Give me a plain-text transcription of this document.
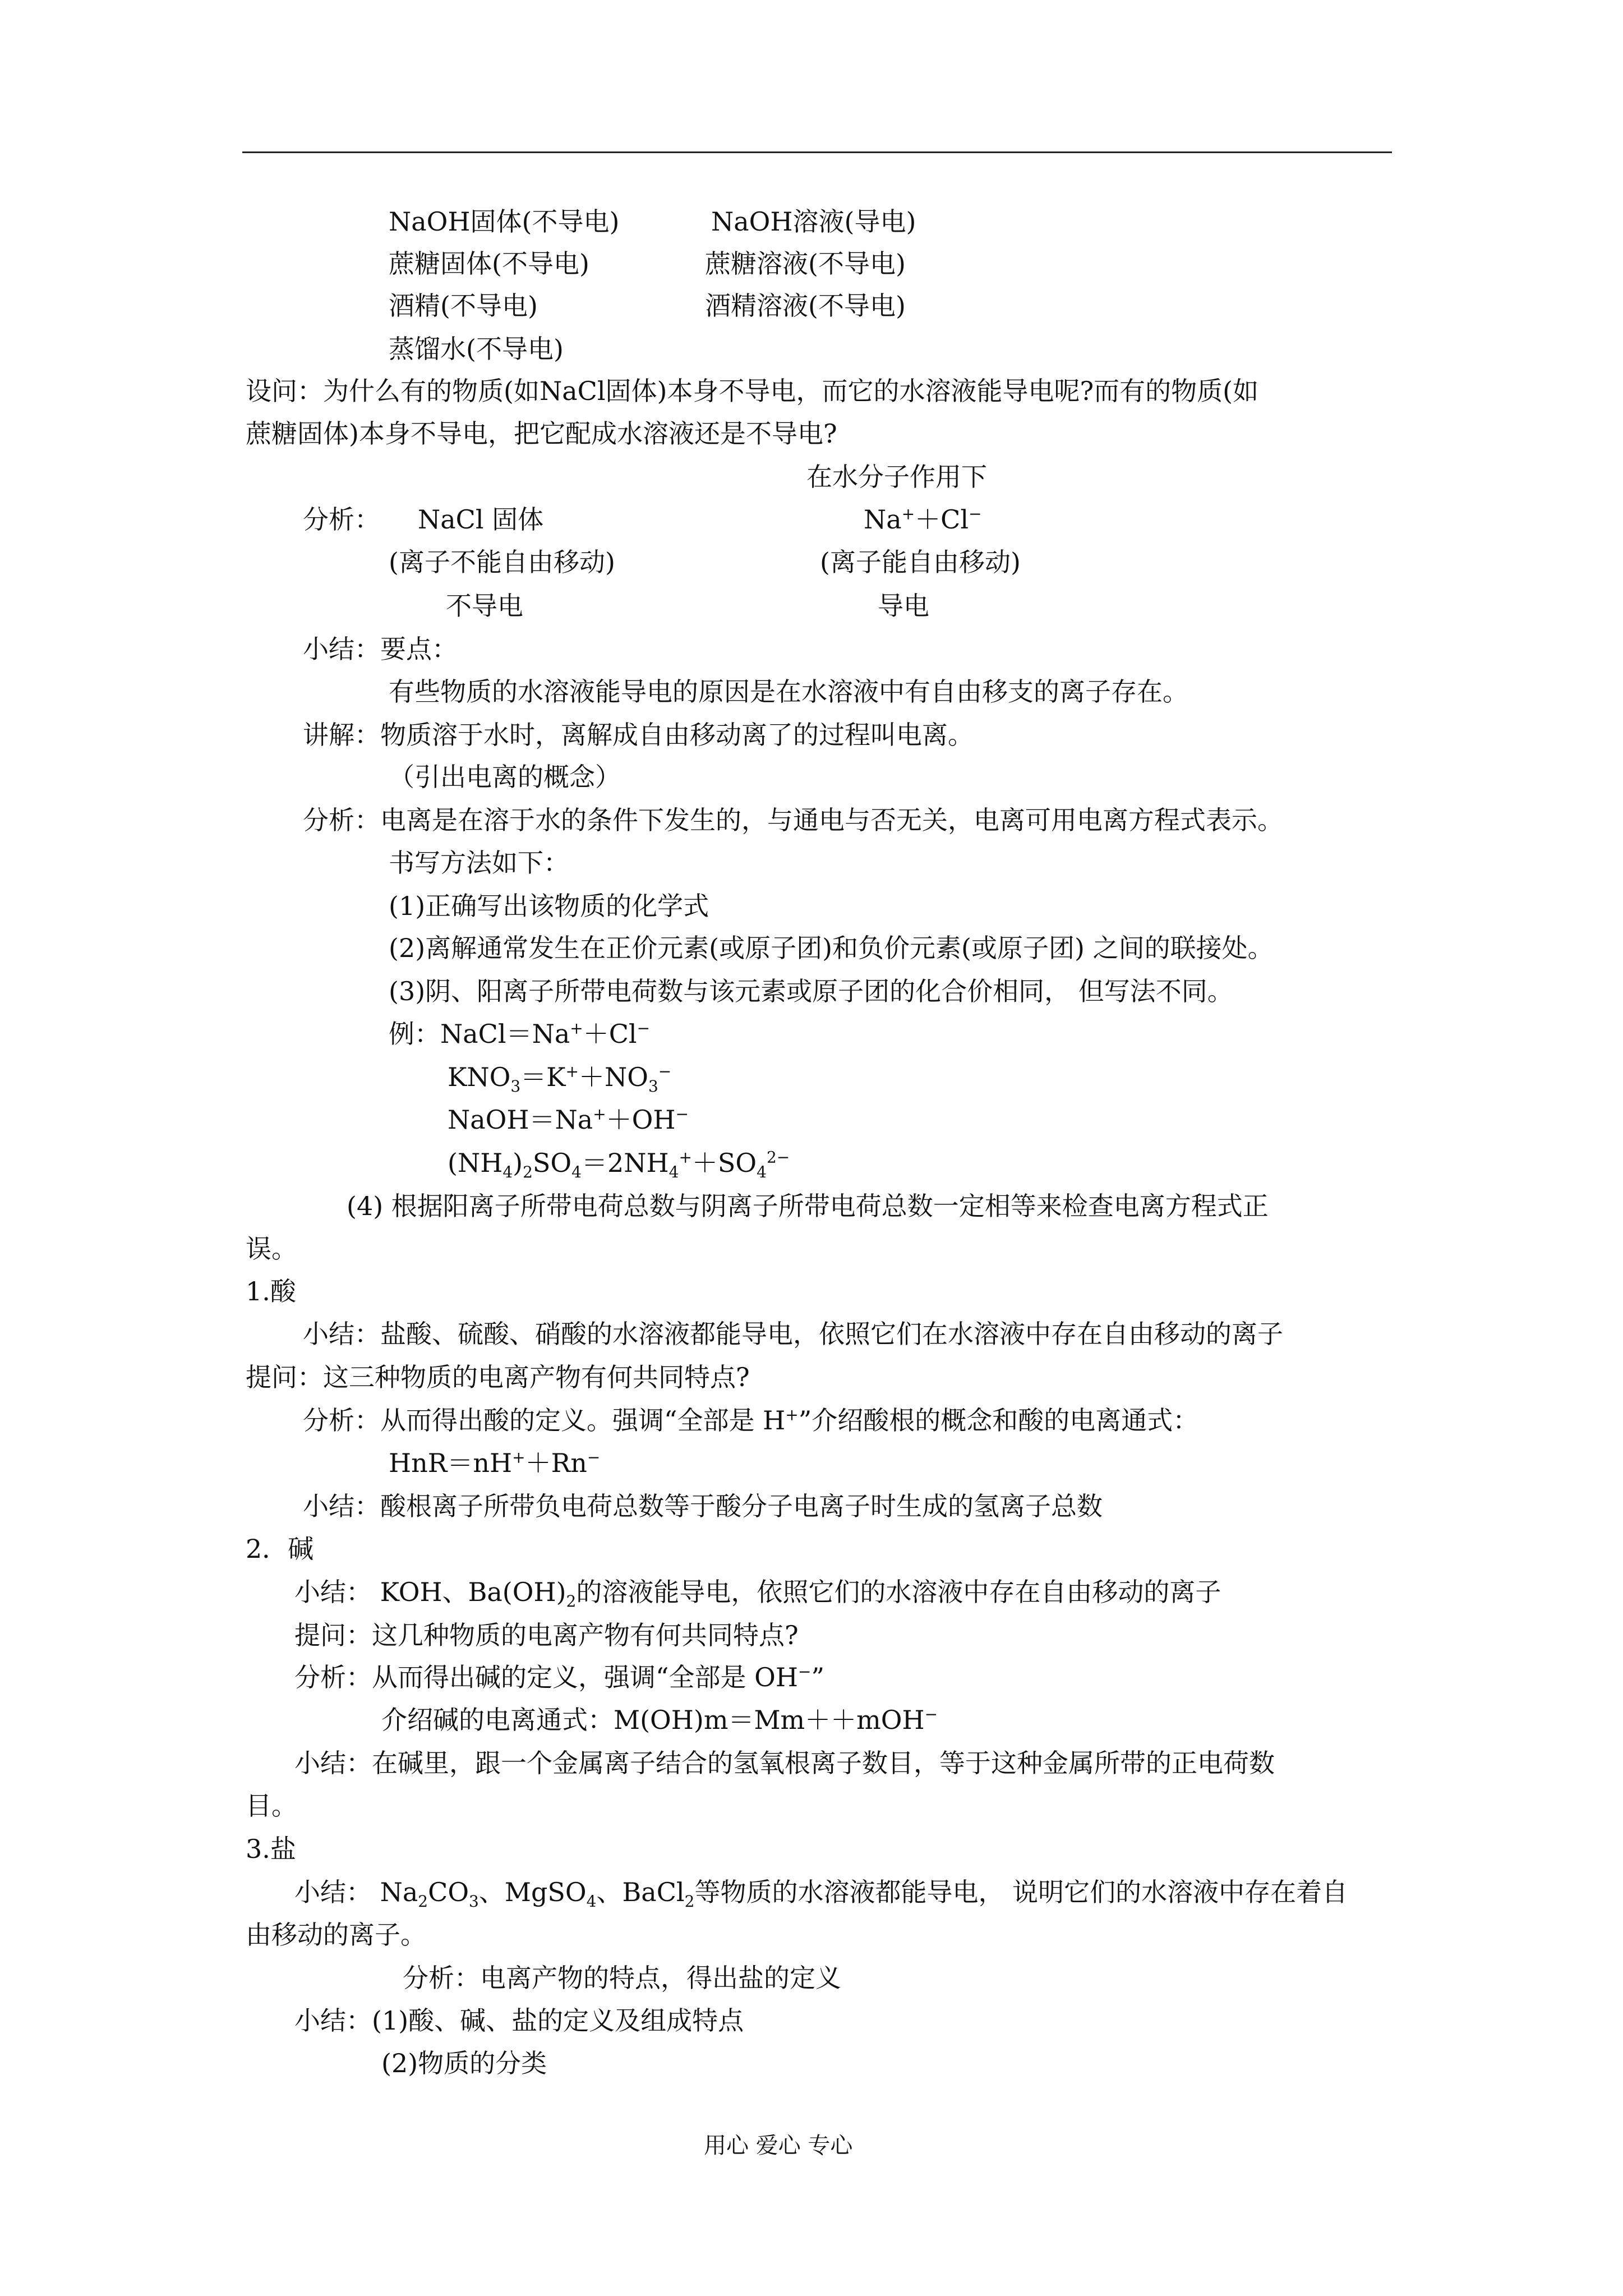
NaOH固体(不导电)	NaOH溶液(导电)
蔗糖固体(不导电)	蔗糖溶液(不导电)
酒精(不导电)	酒精溶液(不导电)
蒸馏水(不导电)
设问：为什么有的物质(如NaCl固体)本身不导电，而它的水溶液能导电呢?而有的物质(如
蔗糖固体)本身不导电，把它配成水溶液还是不导电?
在水分子作用下
分析： NaCl 固体	Na+＋Cl−
(离子不能自由移动)	(离子能自由移动)
不导电	导电
小结：要点：
有些物质的水溶液能导电的原因是在水溶液中有自由移支的离子存在。
讲解：物质溶于水时，离解成自由移动离了的过程叫电离。
（引出电离的概念）
分析：电离是在溶于水的条件下发生的，与通电与否无关，电离可用电离方程式表示。
书写方法如下：
(1)正确写出该物质的化学式
(2)离解通常发生在正价元素(或原子团)和负价元素(或原子团) 之间的联接处。
(3)阴、阳离子所带电荷数与该元素或原子团的化合价相同， 但写法不同。
例：NaCl＝Na+＋Cl−
$KNO_3=K^++NO_3^-$
NaOH＝Na+＋OH−
$(NH_4)_2SO_4=2NH_4^++SO_4^{2-}$
(4) 根据阳离子所带电荷总数与阴离子所带电荷总数一定相等来检查电离方程式正
误。
1.酸
小结：盐酸、硫酸、硝酸的水溶液都能导电，依照它们在水溶液中存在自由移动的离子
提问：这三种物质的电离产物有何共同特点?
分析：从而得出酸的定义。强调“全部是 H+”介绍酸根的概念和酸的电离通式：
HnR＝nH+＋Rn−
小结：酸根离子所带负电荷总数等于酸分子电离子时生成的氢离子总数
2．碱
小结： KOH、$Ba(OH)_2$的溶液能导电，依照它们的水溶液中存在自由移动的离子
提问：这几种物质的电离产物有何共同特点?
分析：从而得出碱的定义，强调“全部是 OH−”
介绍碱的电离通式：M(OH)m＝Mm＋＋mOH−
小结：在碱里，跟一个金属离子结合的氢氧根离子数目，等于这种金属所带的正电荷数
目。
3.盐
小结： $Na_2CO_3$、MgSO$_4$、BaCl$_2$等物质的水溶液都能导电， 说明它们的水溶液中存在着自
由移动的离子。
分析：电离产物的特点，得出盐的定义
小结：(1)酸、碱、盐的定义及组成特点
(2)物质的分类
用心 爱心 专心
